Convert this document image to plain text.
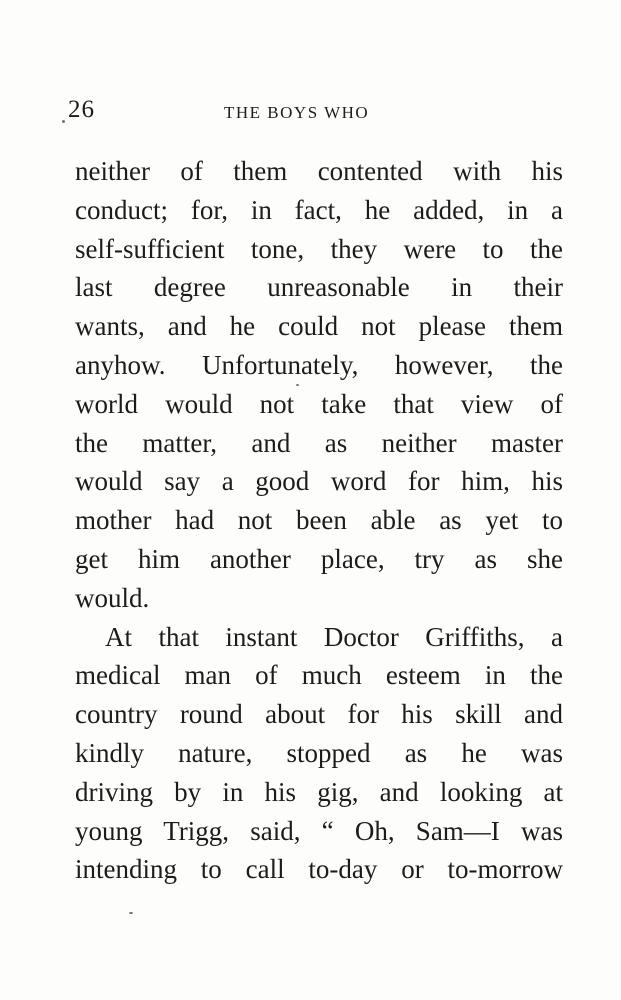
26	THE BOYS WHO
neither of them contented with his
conduct; for, in fact, he added, in a
self-sufficient tone, they were to the
last degree unreasonable in their
wants, and he could not please them
anyhow. Unfortunately, however, the
world would not take that view of
the matter, and as neither master
would say a good word for him, his
mother had not been able as yet to
get him another place, try as she
would.
At that instant Doctor Griffiths, a
medical man of much esteem in the
country round about for his skill and
kindly nature, stopped as he was
driving by in his gig, and looking at
young Trigg, said, “ Oh, Sam—I was
intending to call to-day or to-morrow
